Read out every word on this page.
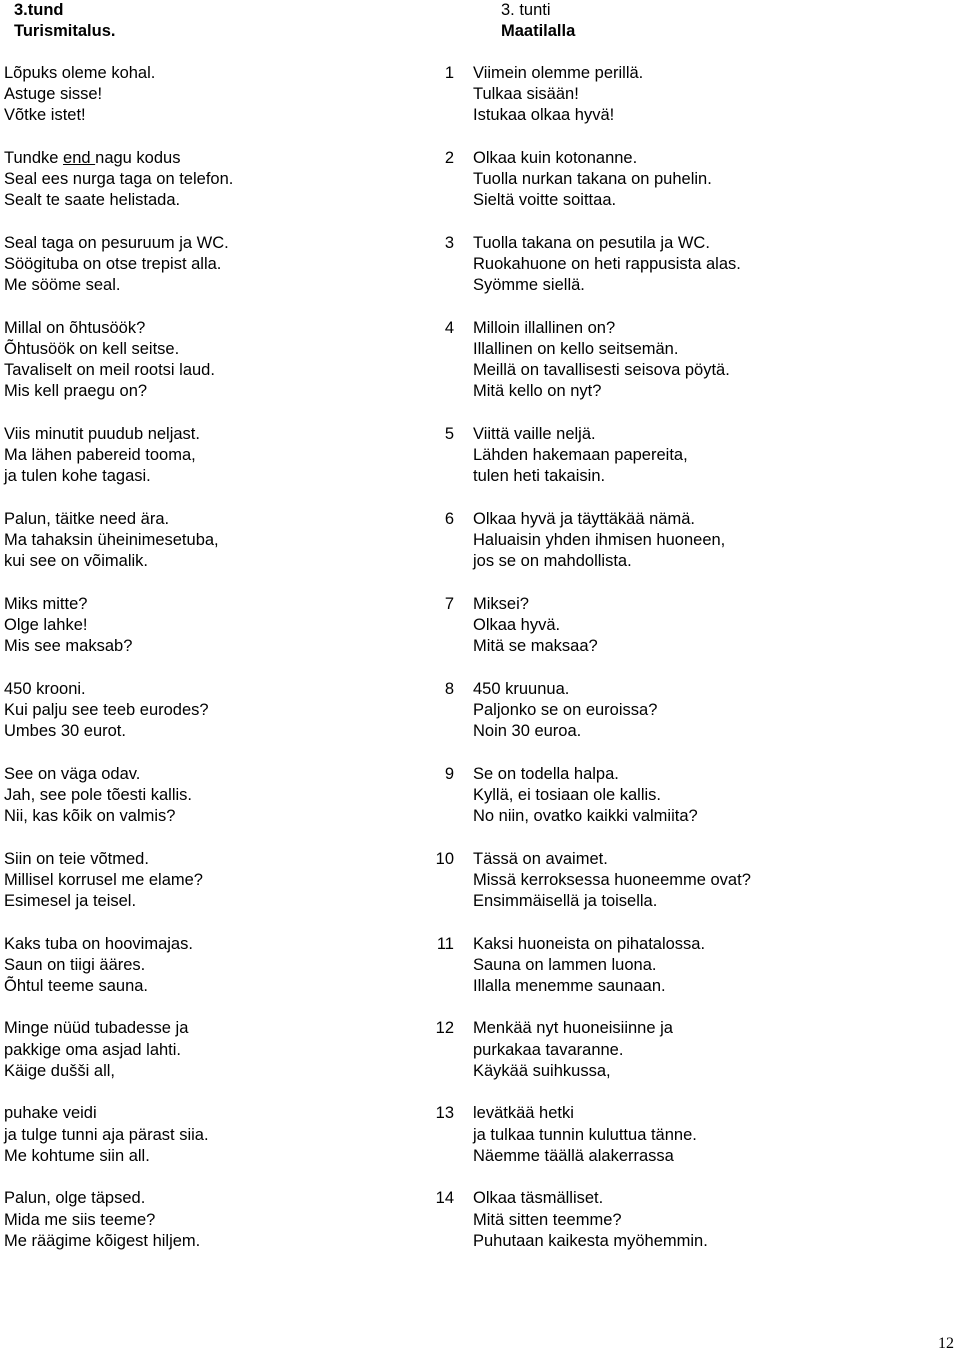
3.tund
Turismitalus.
Lõpuks oleme kohal.
Astuge sisse!
Võtke istet!
Tundke end nagu kodus
Seal ees nurga taga on telefon.
Sealt te saate helistada.
Seal taga on pesuruum ja WC.
Söögituba on otse trepist alla.
Me sööme seal.
Millal on õhtusöök?
Õhtusöök on kell seitse.
Tavaliselt on meil rootsi laud.
Mis kell praegu on?
Viis minutit puudub neljast.
Ma lähen pabereid tooma,
ja tulen kohe tagasi.
Palun, täitke need ära.
Ma tahaksin üheinimesetuba,
kui see on võimalik.
Miks mitte?
Olge lahke!
Mis see maksab?
450 krooni.
Kui palju see teeb eurodes?
Umbes 30 eurot.
See on väga odav.
Jah, see pole tõesti kallis.
Nii, kas kõik on valmis?
Siin on teie võtmed.
Millisel korrusel me elame?
Esimesel ja teisel.
Kaks tuba on hoovimajas.
Saun on tiigi ääres.
Õhtul teeme sauna.
Minge nüüd tubadesse ja
pakkige oma asjad lahti.
Käige dušši all,
puhake veidi
ja tulge tunni aja pärast siia.
Me kohtume siin all.
Palun, olge täpsed.
Mida me siis teeme?
Me räägime kõigest hiljem.
3. tunti
Maatilalla
1 Viimein olemme perillä.
Tulkaa sisään!
Istukaa olkaa hyvä!
2 Olkaa kuin kotonanne.
Tuolla nurkan takana on puhelin.
Sieltä voitte soittaa.
3 Tuolla takana on pesutila ja WC.
Ruokahuone on heti rappusista alas.
Syömme siellä.
4 Milloin illallinen on?
Illallinen on kello seitsemän.
Meillä on tavallisesti seisova pöytä.
Mitä kello on nyt?
5 Viittä vaille neljä.
Lähden hakemaan papereita,
tulen heti takaisin.
6 Olkaa hyvä ja täyttäkää nämä.
Haluaisin yhden ihmisen huoneen,
jos se on mahdollista.
7 Miksei?
Olkaa hyvä.
Mitä se maksaa?
8 450 kruunua.
Paljonko se on euroissa?
Noin 30 euroa.
9 Se on todella halpa.
Kyllä, ei tosiaan ole kallis.
No niin, ovatko kaikki valmiita?
10 Tässä on avaimet.
Missä kerroksessa huoneemme ovat?
Ensimmäisellä ja toisella.
11 Kaksi huoneista on pihatalossa.
Sauna on lammen luona.
Illalla menemme saunaan.
12 Menkää nyt huoneisiinne ja
purkakaa tavaranne.
Käykää suihkussa,
13 levätkää hetki
ja tulkaa tunnin kuluttua tänne.
Näemme täällä alakerrassa
14 Olkaa täsmälliset.
Mitä sitten teemme?
Puhutaan kaikesta myöhemmin.
12
